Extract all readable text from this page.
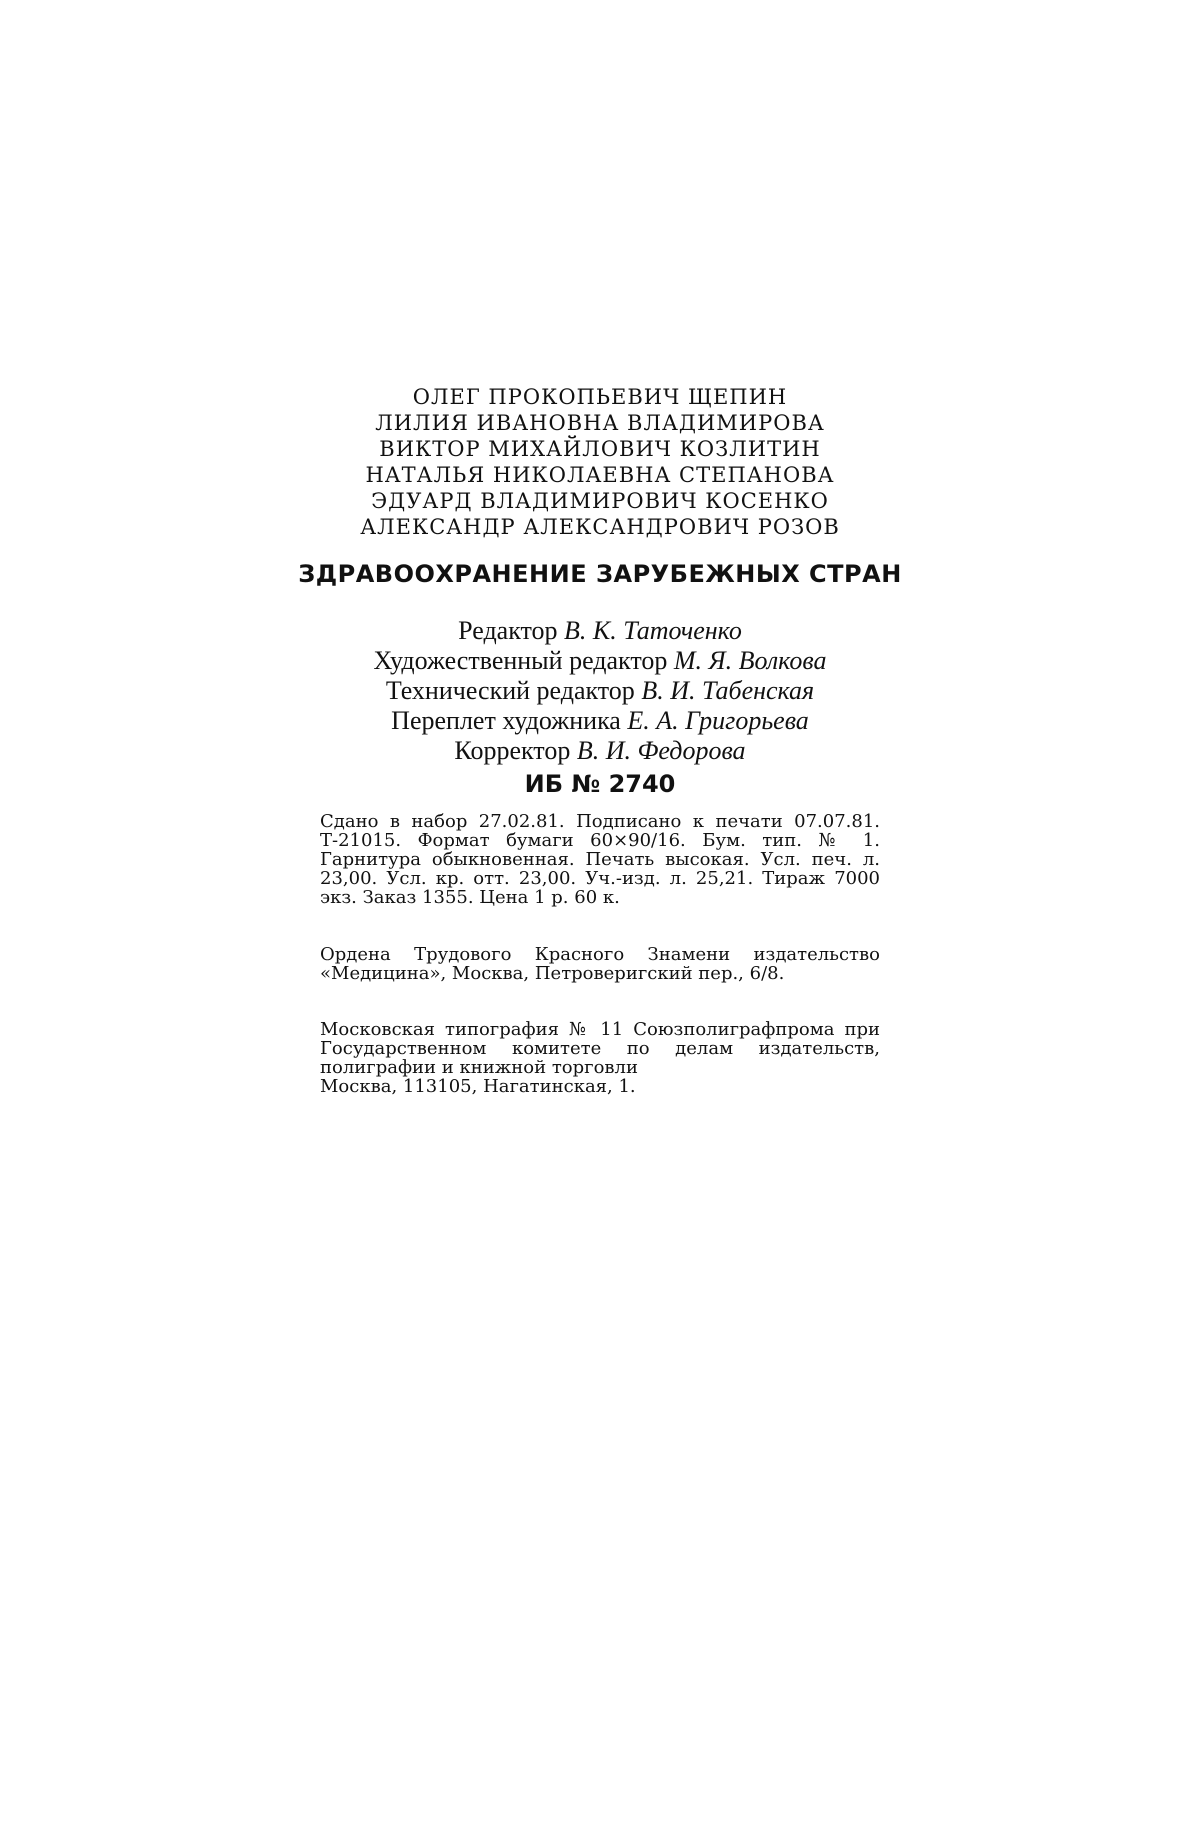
ОЛЕГ ПРОКОПЬЕВИЧ ЩЕПИН
ЛИЛИЯ ИВАНОВНА ВЛАДИМИРОВА
ВИКТОР МИХАЙЛОВИЧ КОЗЛИТИН
НАТАЛЬЯ НИКОЛАЕВНА СТЕПАНОВА
ЭДУАРД ВЛАДИМИРОВИЧ КОСЕНКО
АЛЕКСАНДР АЛЕКСАНДРОВИЧ РОЗОВ
ЗДРАВООХРАНЕНИЕ ЗАРУБЕЖНЫХ СТРАН
Редактор В. К. Таточенко
Художественный редактор М. Я. Волкова
Технический редактор В. И. Табенская
Переплет художника Е. А. Григорьева
Корректор В. И. Федорова
ИБ № 2740
Сдано в набор 27.02.81. Подписано к печати 07.07.81. Т-21015. Формат бумаги 60×90/16. Бум. тип. № 1. Гарнитура обыкновенная. Печать высокая. Усл. печ. л. 23,00. Усл. кр. отт. 23,00. Уч.-изд. л. 25,21. Тираж 7000 экз. Заказ 1355. Цена 1 р. 60 к.
Ордена Трудового Красного Знамени издательство «Медицина», Москва, Петроверигский пер., 6/8.
Московская типография № 11 Союзполиграфпрома при Государственном комитете по делам издательств, полиграфии и книжной торговли
Москва, 113105, Нагатинская, 1.
